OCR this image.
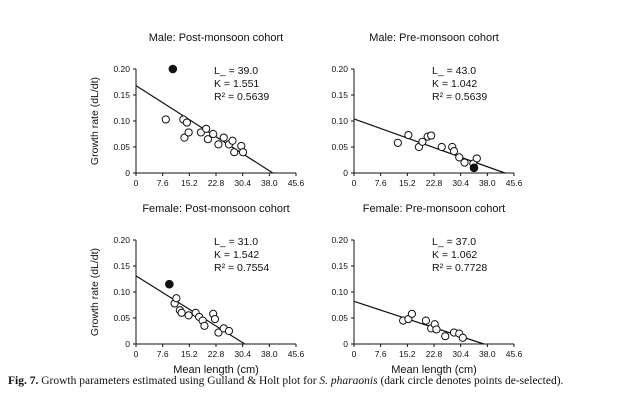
Male: Post-monsoon cohort
0
0.05
0.10
0.15
0.20
0 7.6 15.2 22.8 30.4 38.0 45.6
Growth rate (dL/dt)
L_ = 39.0
K = 1.551
R² = 0.5639
Male: Pre-monsoon cohort
0
0.05
0.10
0.15
0.20
0 7.6 15.2 22.8 30.4 38.0 45.6
L_ = 43.0
K = 1.042
R² = 0.5639
Female: Post-monsoon cohort
0
0.05
0.10
0.15
0.20
0 7.6 15.2 22.8 30.4 38.0 45.6
Growth rate (dL/dt)
Mean length (cm)
L_ = 31.0
K = 1.542
R² = 0.7554
Female: Pre-monsoon cohort
0
0.05
0.10
0.15
0.20
0 7.6 15.2 22.8 30.4 38.0 45.6
Mean length (cm)
L_ = 37.0
K = 1.062
R² = 0.7728
Fig. 7. Growth parameters estimated using Gulland & Holt plot for S. pharaonis (dark circle denotes points de-selected).
